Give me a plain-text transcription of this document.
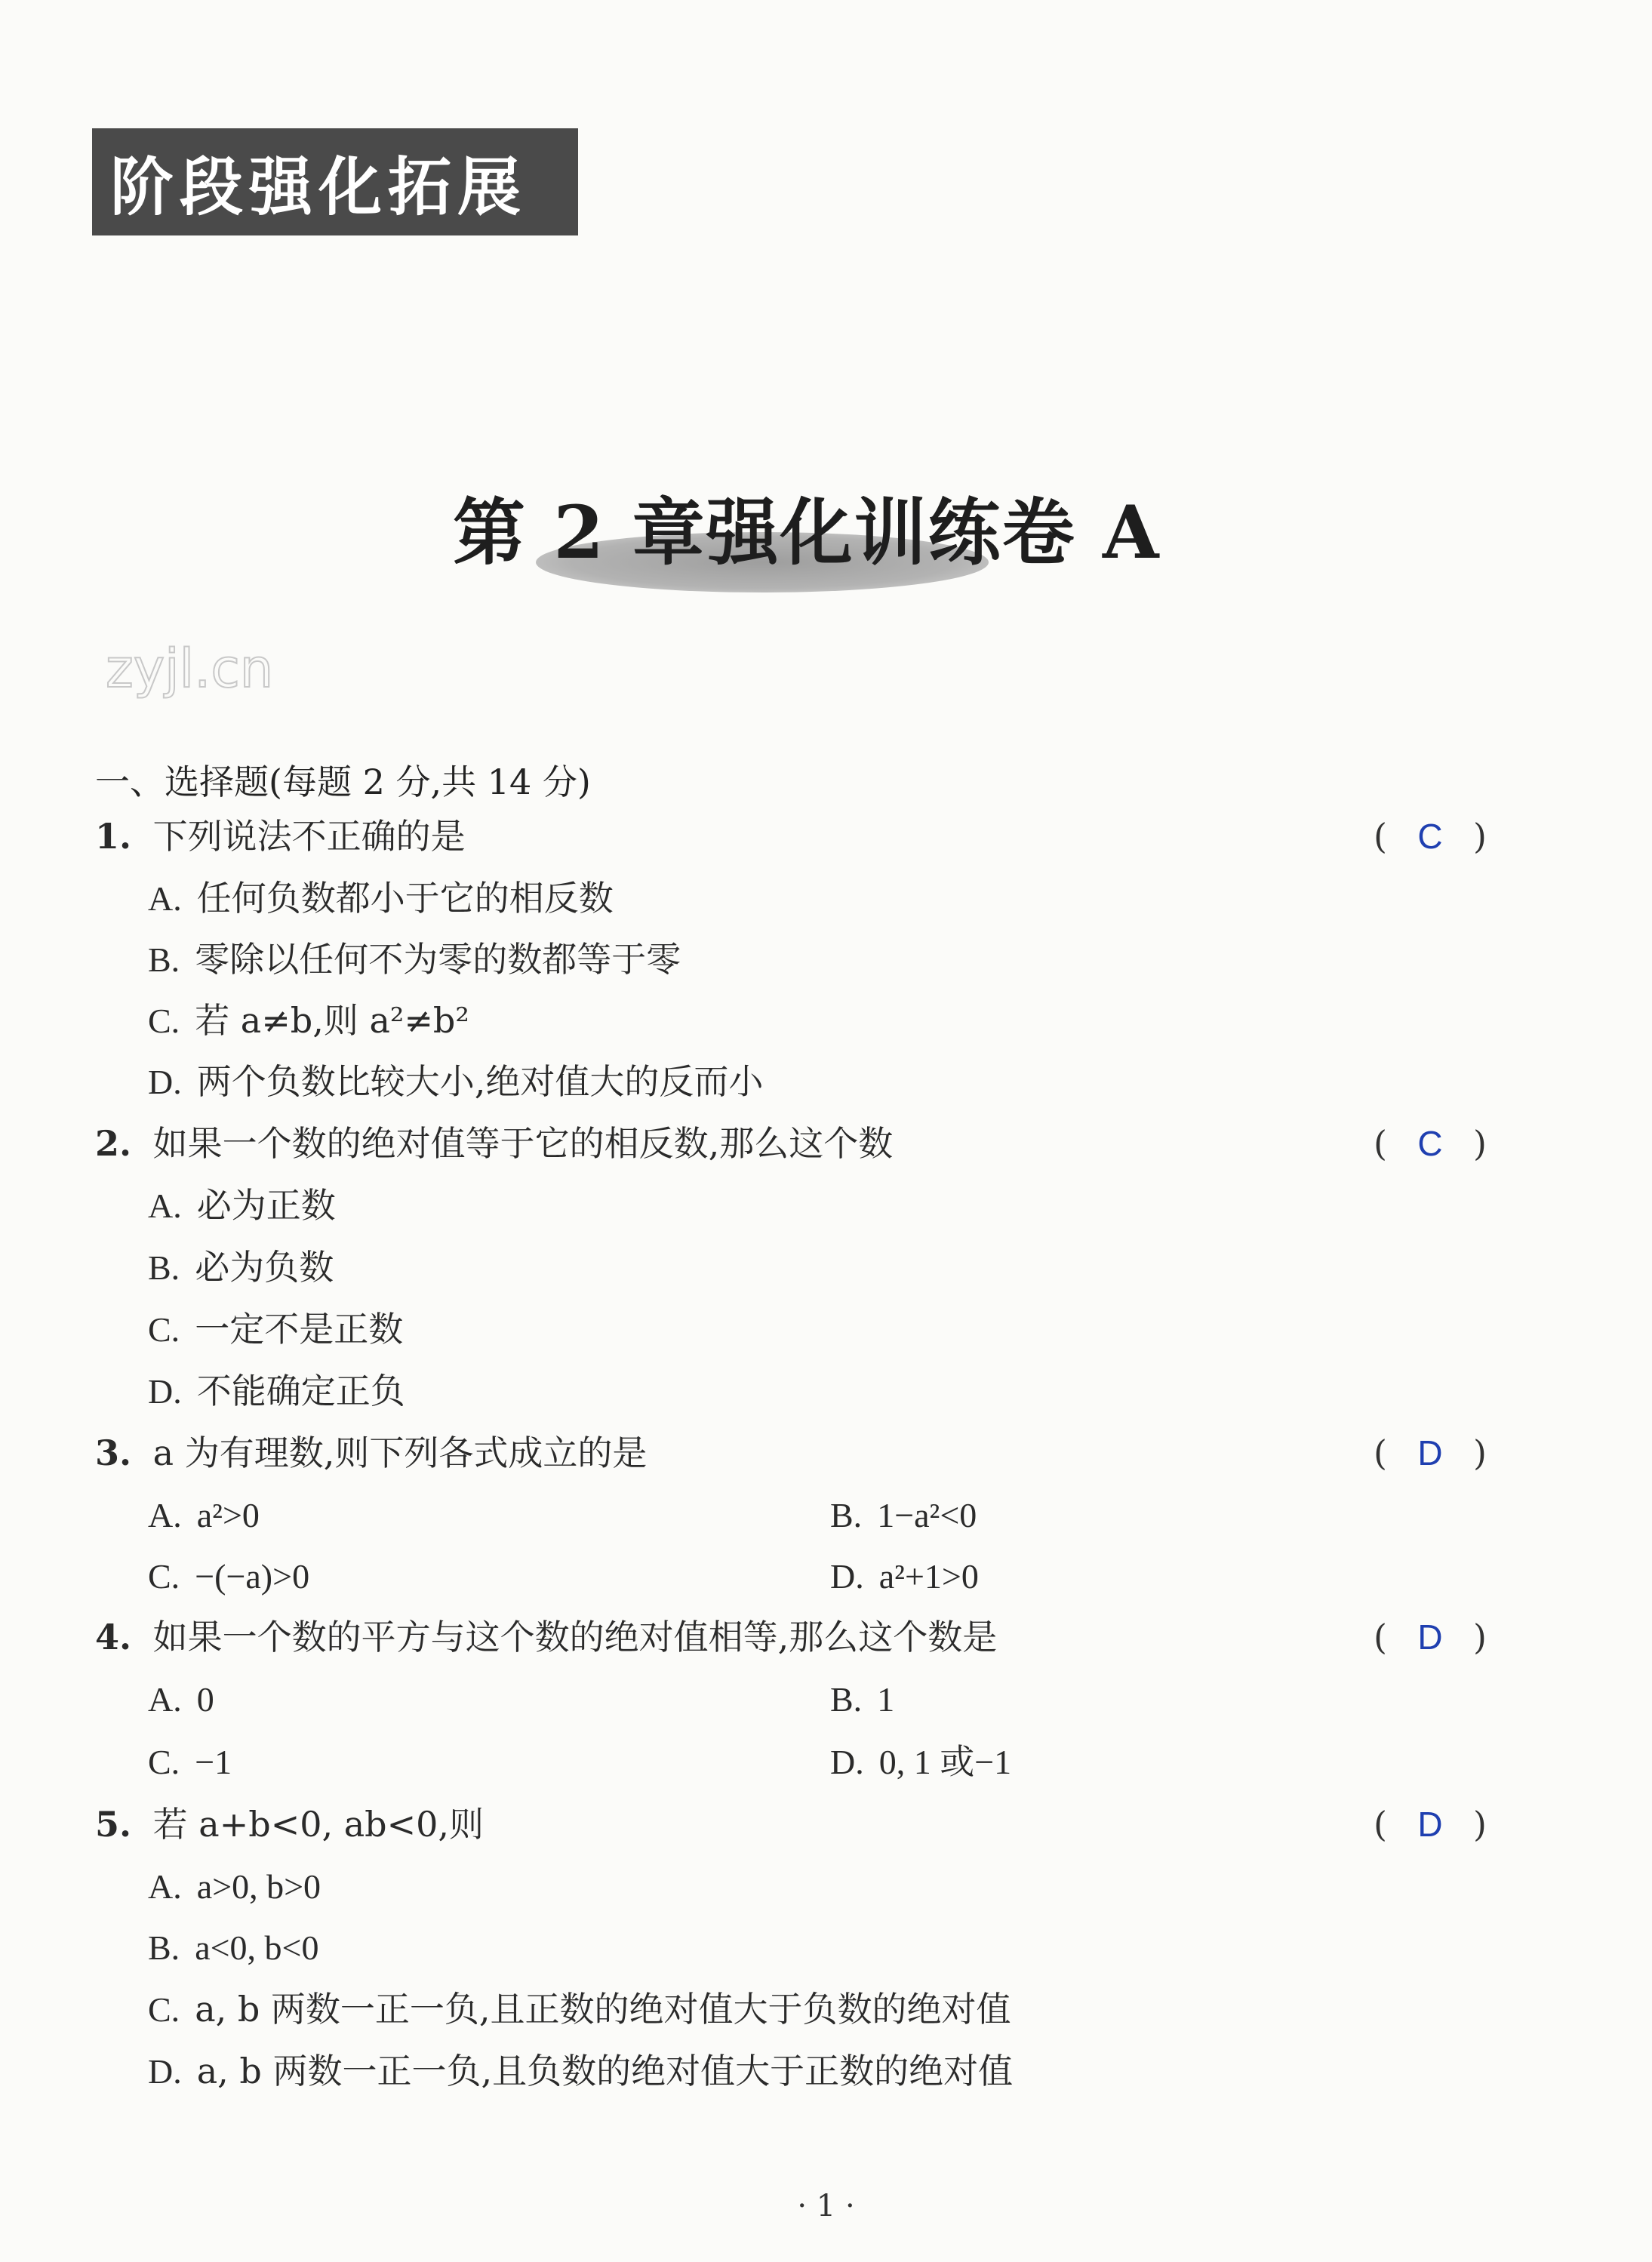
阶段强化拓展
第 2 章强化训练卷 A
zyjl.cn
一、选择题(每题 2 分,共 14 分)
1. 下列说法不正确的是	( C )
A. 任何负数都小于它的相反数
B. 零除以任何不为零的数都等于零
C. 若 a≠b,则 a²≠b²
D. 两个负数比较大小,绝对值大的反而小
2. 如果一个数的绝对值等于它的相反数,那么这个数	( C )
A. 必为正数
B. 必为负数
C. 一定不是正数
D. 不能确定正负
3. a 为有理数,则下列各式成立的是	( D )
A. a²>0	B. 1−a²<0
C. −(−a)>0	D. a²+1>0
4. 如果一个数的平方与这个数的绝对值相等,那么这个数是	( D )
A. 0	B. 1
C. −1	D. 0, 1 或−1
5. 若 a+b<0, ab<0,则	( D )
A. a>0, b>0
B. a<0, b<0
C. a, b 两数一正一负,且正数的绝对值大于负数的绝对值
D. a, b 两数一正一负,且负数的绝对值大于正数的绝对值
· 1 ·
